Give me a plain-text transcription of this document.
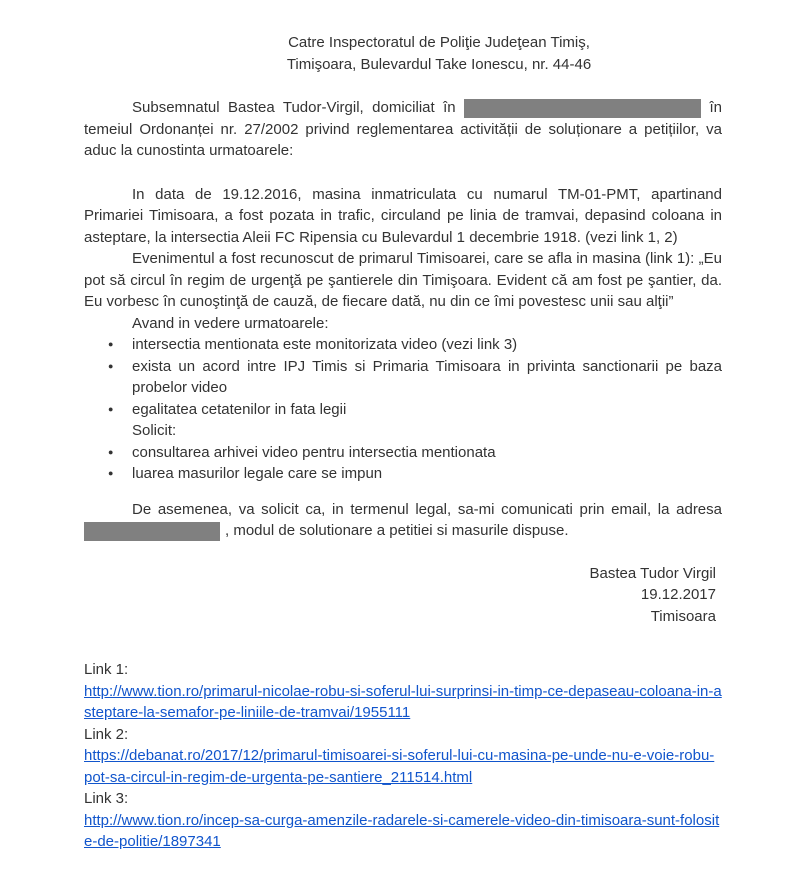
Catre Inspectoratul de Poliţie Judeţean Timiş,
Timişoara, Bulevardul Take Ionescu, nr. 44-46

Subsemnatul Bastea Tudor-Virgil, domiciliat în	în temeiul Ordonanței nr. 27/2002 privind reglementarea activității de soluționare a petițiilor, va aduc la cunostinta urmatoarele:

In data de 19.12.2016, masina inmatriculata cu numarul TM-01-PMT, apartinand Primariei Timisoara, a fost pozata in trafic, circuland pe linia de tramvai, depasind coloana in asteptare, la intersectia Aleii FC Ripensia cu Bulevardul 1 decembrie 1918. (vezi link 1, 2)

Evenimentul a fost recunoscut de primarul Timisoarei, care se afla in masina (link 1): „Eu pot să circul în regim de urgenţă pe şantierele din Timişoara. Evident că am fost pe şantier, da. Eu vorbesc în cunoştinţă de cauză, de fiecare dată, nu din ce îmi povestesc unii sau alţii”

Avand in vedere urmatoarele:

● intersectia mentionata este monitorizata video (vezi link 3)
● exista un acord intre IPJ Timis si Primaria Timisoara in privinta sanctionarii pe baza probelor video
● egalitatea cetatenilor in fata legii

Solicit:

● consultarea arhivei video pentru intersectia mentionata
● luarea masurilor legale care se impun

De asemenea, va solicit ca, in termenul legal, sa-mi comunicati prin email, la adresa , modul de solutionare a petitiei si masurile dispuse.

Bastea Tudor Virgil
19.12.2017
Timisoara
Link 1:
http://www.tion.ro/primarul-nicolae-robu-si-soferul-lui-surprinsi-in-timp-ce-depaseau-coloana-in-asteptare-la-semafor-pe-liniile-de-tramvai/1955111
Link 2:
https://debanat.ro/2017/12/primarul-timisoarei-si-soferul-lui-cu-masina-pe-unde-nu-e-voie-robu-pot-sa-circul-in-regim-de-urgenta-pe-santiere_211514.html
Link 3:
http://www.tion.ro/incep-sa-curga-amenzile-radarele-si-camerele-video-din-timisoara-sunt-folosite-de-politie/1897341
